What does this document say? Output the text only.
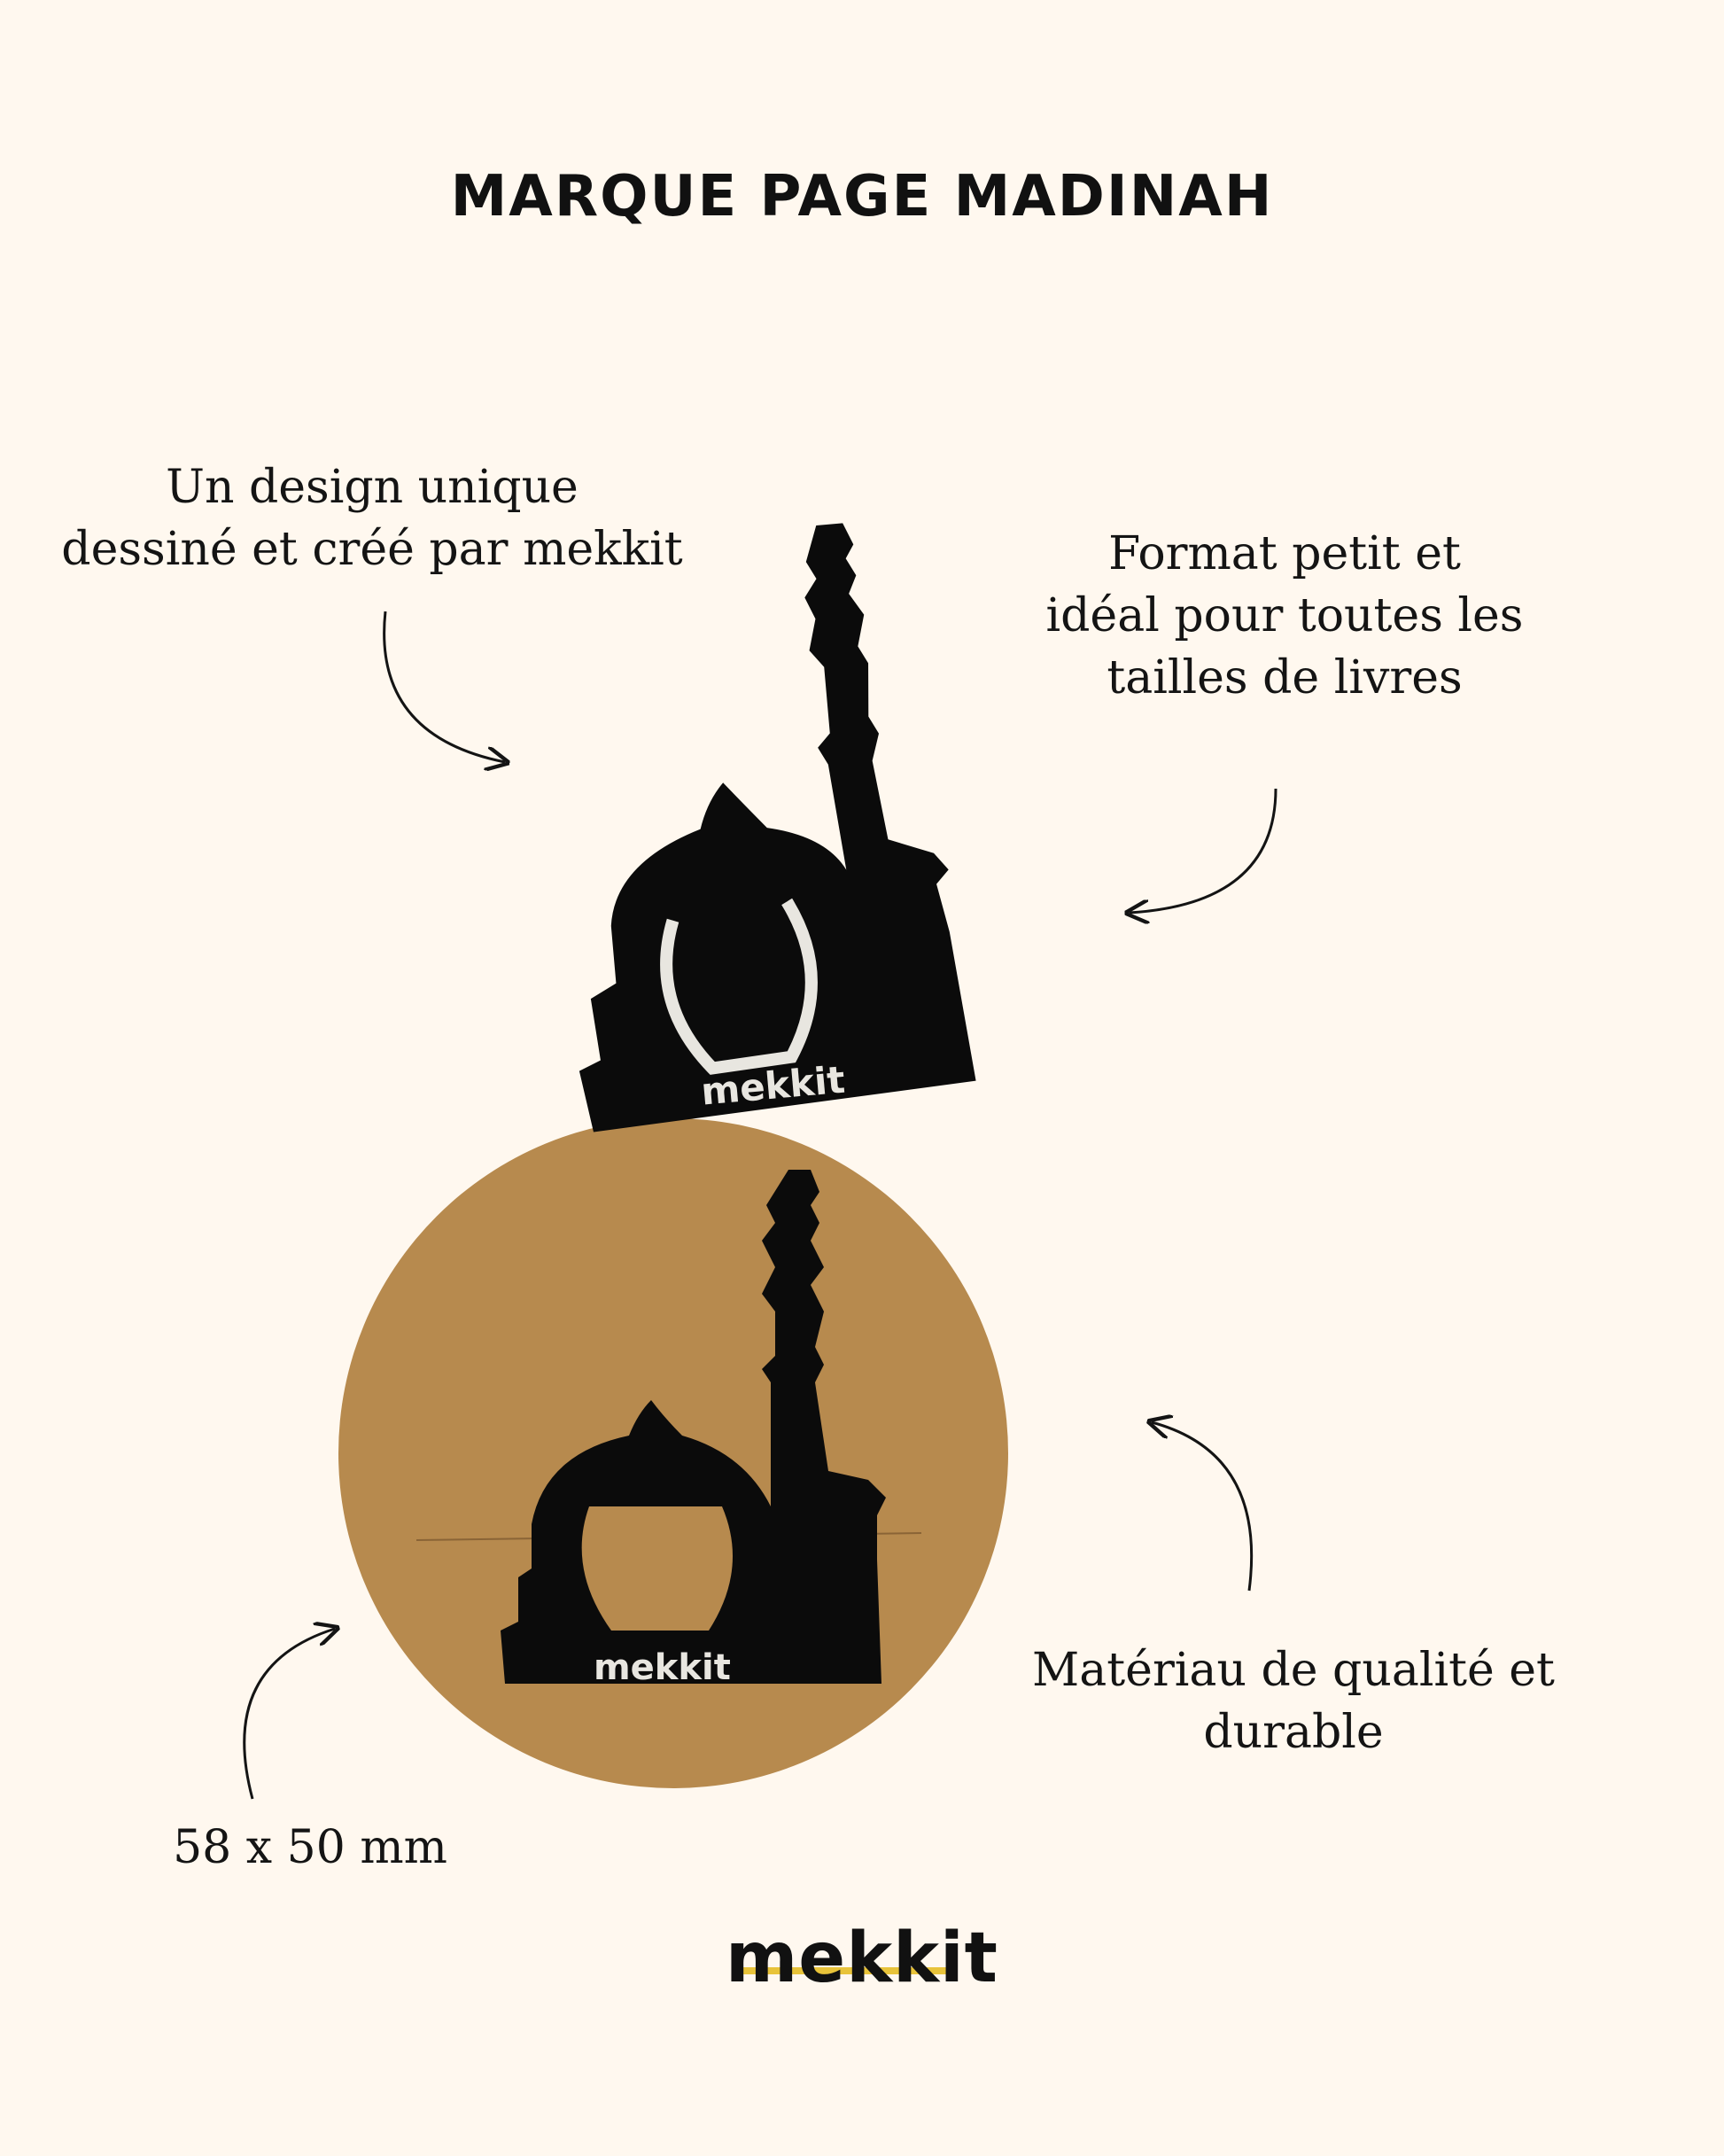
MARQUE PAGE MADINAH
Un design unique
dessiné et créé par mekkit	Format petit et
idéal pour toutes les
tailles de livres
Matériau de qualité et
durable
58 x 50 mm
mekkit
mekkit
mekkit
